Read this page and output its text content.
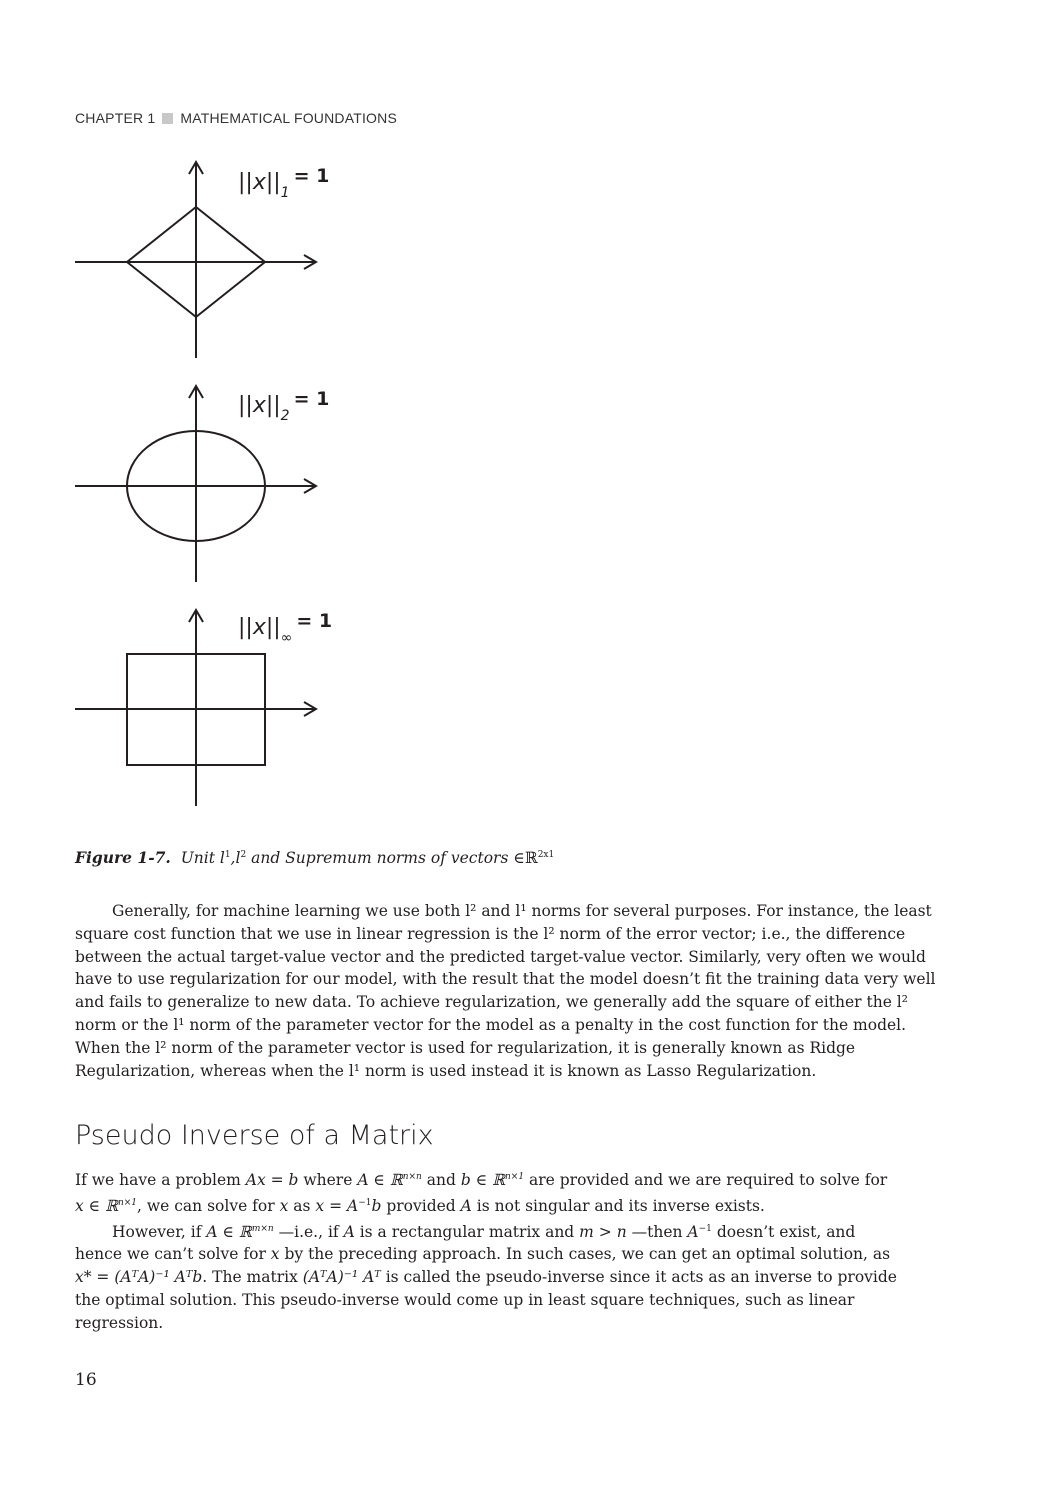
CHAPTER 1 MATHEMATICAL FOUNDATIONS
$||x||_1= 1$
$||x||_2= 1$
$||x||_\infty= 1$
Figure 1-7. Unit $l^1,l^2$ and Supremum norms of vectors ∈ℝ$^{2x1}$

Generally, for machine learning we use both l² and l¹ norms for several purposes. For instance, the least square cost function that we use in linear regression is the l² norm of the error vector; i.e., the difference between the actual target-value vector and the predicted target-value vector. Similarly, very often we would have to use regularization for our model, with the result that the model doesn’t fit the training data very well and fails to generalize to new data. To achieve regularization, we generally add the square of either the l² norm or the l¹ norm of the parameter vector for the model as a penalty in the cost function for the model. When the l² norm of the parameter vector is used for regularization, it is generally known as Ridge Regularization, whereas when the l¹ norm is used instead it is known as Lasso Regularization.

Pseudo Inverse of a Matrix

If we have a problem Ax = b where A ∈ ℝ$^{n\times n}$ and b ∈ ℝ$^{n\times 1}$ are provided and we are required to solve for

x ∈ ℝ$^{n\times 1}$, we can solve for x as $x = A^{-1}b$ provided A is not singular and its inverse exists.

However, if A ∈ ℝ$^{m\times n}$ —i.e., if A is a rectangular matrix and m > n —then $A^{-1}$ doesn’t exist, and

hence we can’t solve for x by the preceding approach. In such cases, we can get an optimal solution, as

x* = (AᵀA)⁻¹ Aᵀb. The matrix (AᵀA)⁻¹ Aᵀ is called the pseudo-inverse since it acts as an inverse to provide

the optimal solution. This pseudo-inverse would come up in least square techniques, such as linear

regression.

16
